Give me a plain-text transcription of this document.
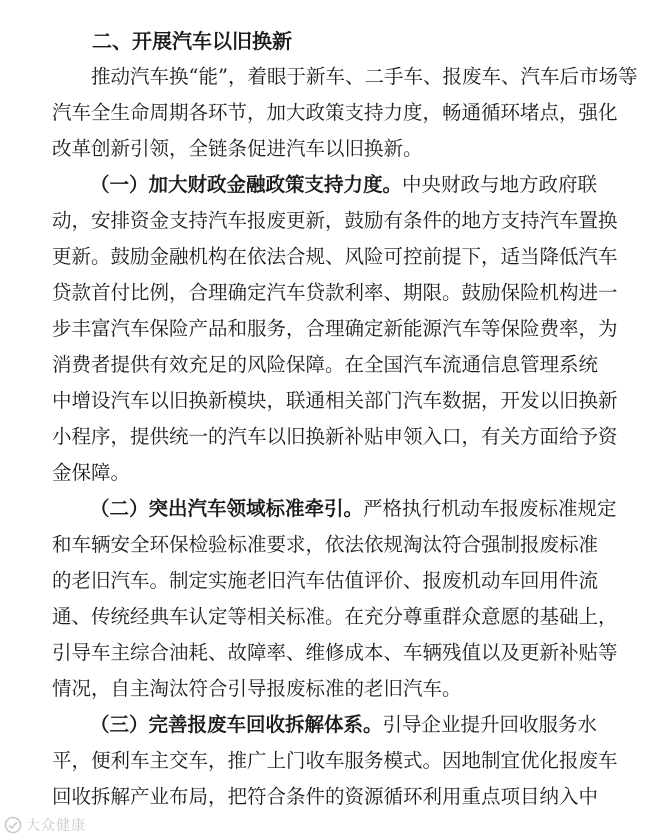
二、开展汽车以旧换新
推动汽车换“能”，着眼于新车、二手车、报废车、汽车后市场等
汽车全生命周期各环节，加大政策支持力度，畅通循环堵点，强化
改革创新引领，全链条促进汽车以旧换新。
（一）加大财政金融政策支持力度。中央财政与地方政府联
动，安排资金支持汽车报废更新，鼓励有条件的地方支持汽车置换
更新。鼓励金融机构在依法合规、风险可控前提下，适当降低汽车
贷款首付比例，合理确定汽车贷款利率、期限。鼓励保险机构进一
步丰富汽车保险产品和服务，合理确定新能源汽车等保险费率，为
消费者提供有效充足的风险保障。在全国汽车流通信息管理系统
中增设汽车以旧换新模块，联通相关部门汽车数据，开发以旧换新
小程序，提供统一的汽车以旧换新补贴申领入口，有关方面给予资
金保障。
（二）突出汽车领域标准牵引。严格执行机动车报废标准规定
和车辆安全环保检验标准要求，依法依规淘汰符合强制报废标准
的老旧汽车。制定实施老旧汽车估值评价、报废机动车回用件流
通、传统经典车认定等相关标准。在充分尊重群众意愿的基础上，
引导车主综合油耗、故障率、维修成本、车辆残值以及更新补贴等
情况，自主淘汰符合引导报废标准的老旧汽车。
（三）完善报废车回收拆解体系。引导企业提升回收服务水
平，便利车主交车，推广上门收车服务模式。因地制宜优化报废车
回收拆解产业布局，把符合条件的资源循环利用重点项目纳入中
大众健康
